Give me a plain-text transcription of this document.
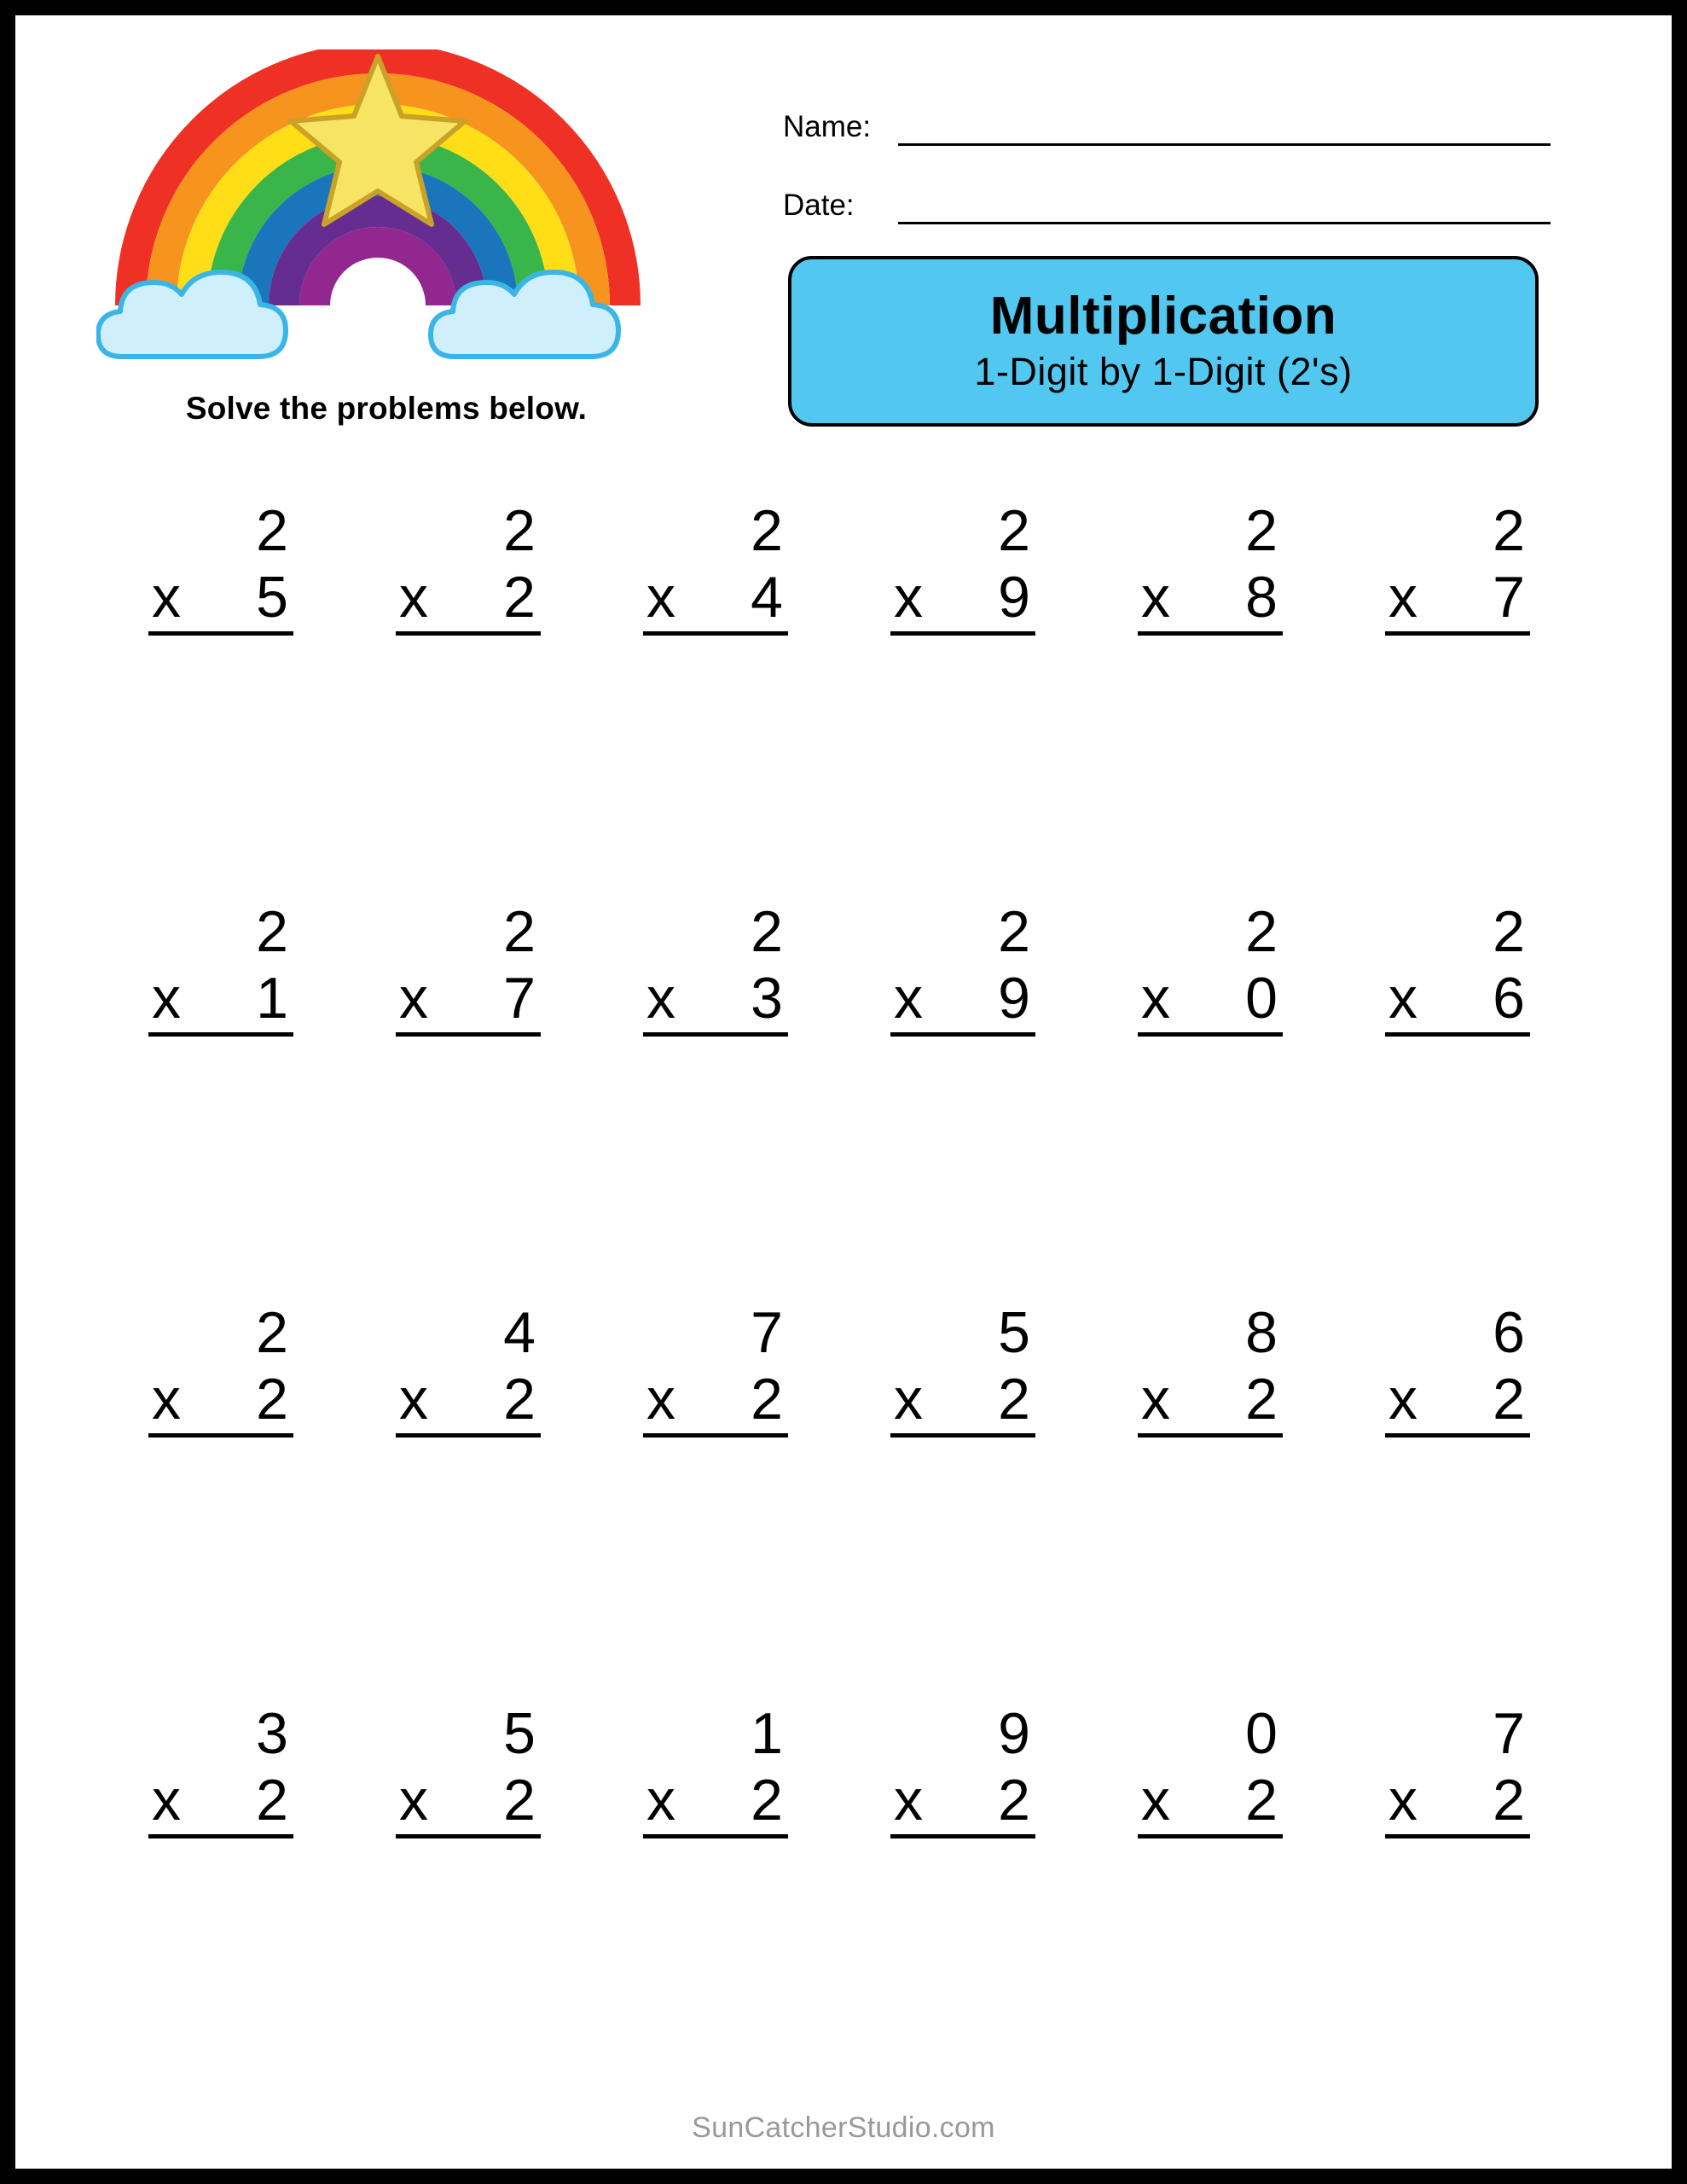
Solve the problems below.
Name:
Date:
Multiplication
1-Digit by 1-Digit (2's)
2
x 5
2
x 2
2
x 4
2
x 9
2
x 8
2
x 7
2
x 1
2
x 7
2
x 3
2
x 9
2
x 0
2
x 6
2
x 2
4
x 2
7
x 2
5
x 2
8
x 2
6
x 2
3
x 2
5
x 2
1
x 2
9
x 2
0
x 2
7
x 2
SunCatcherStudio.com
